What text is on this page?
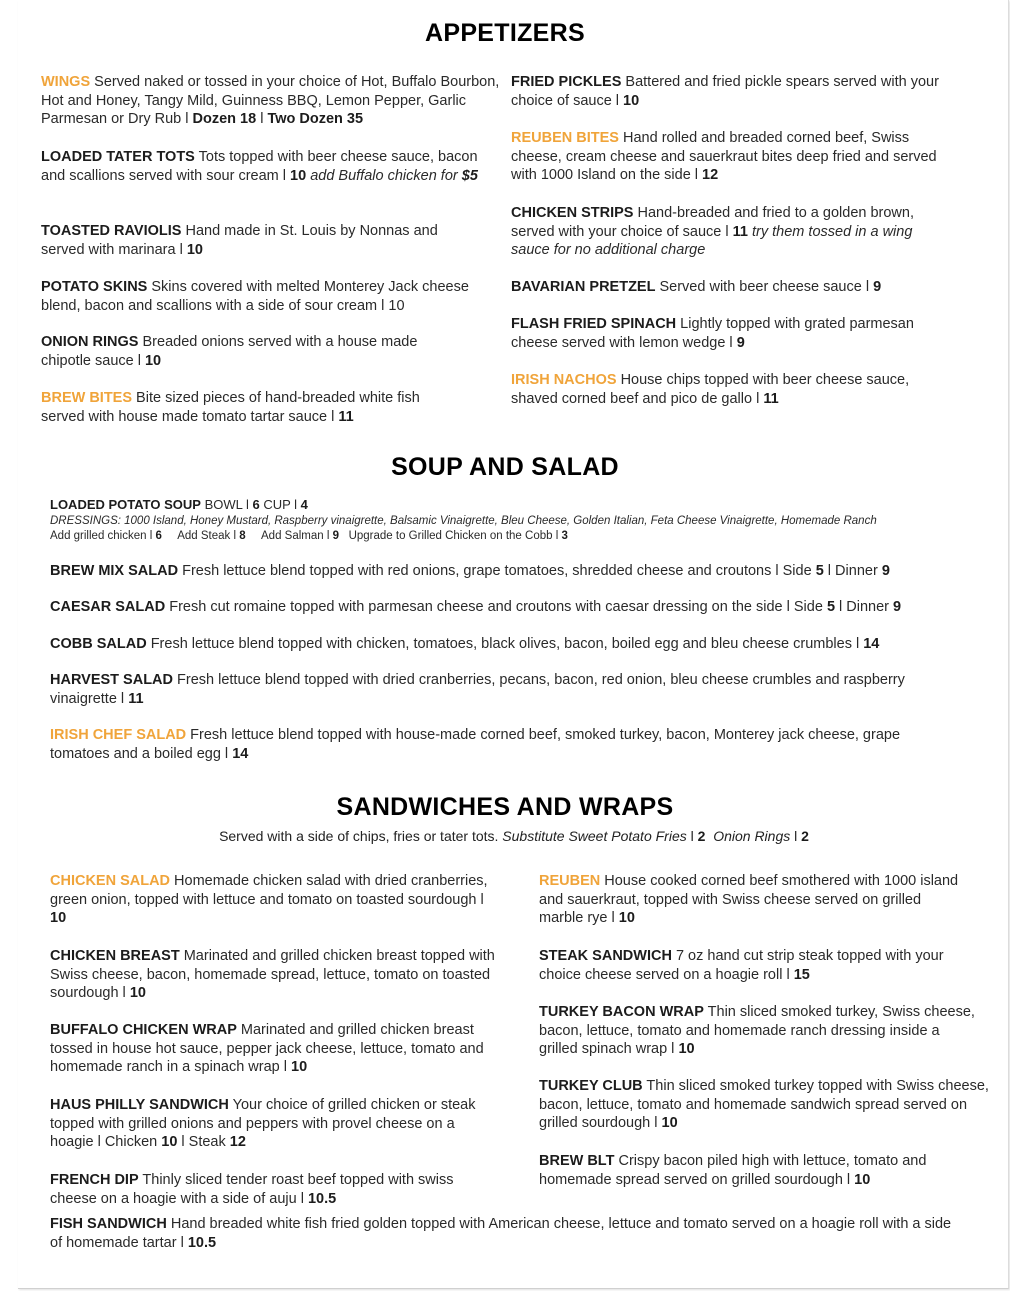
APPETIZERS
WINGS Served naked or tossed in your choice of Hot, Buffalo Bourbon, Hot and Honey, Tangy Mild, Guinness BBQ, Lemon Pepper, Garlic Parmesan or Dry Rub l Dozen 18 l Two Dozen 35
LOADED TATER TOTS Tots topped with beer cheese sauce, bacon and scallions served with sour cream l 10 add Buffalo chicken for $5
TOASTED RAVIOLIS Hand made in St. Louis by Nonnas and served with marinara l 10
POTATO SKINS Skins covered with melted Monterey Jack cheese blend, bacon and scallions with a side of sour cream l 10
ONION RINGS Breaded onions served with a house made chipotle sauce l 10
BREW BITES Bite sized pieces of hand-breaded white fish served with house made tomato tartar sauce l 11
FRIED PICKLES Battered and fried pickle spears served with your choice of sauce l 10
REUBEN BITES Hand rolled and breaded corned beef, Swiss cheese, cream cheese and sauerkraut bites deep fried and served with 1000 Island on the side l 12
CHICKEN STRIPS Hand-breaded and fried to a golden brown, served with your choice of sauce l 11 try them tossed in a wing sauce for no additional charge
BAVARIAN PRETZEL Served with beer cheese sauce l 9
FLASH FRIED SPINACH Lightly topped with grated parmesan cheese served with lemon wedge l 9
IRISH NACHOS House chips topped with beer cheese sauce, shaved corned beef and pico de gallo l 11
SOUP AND SALAD
LOADED POTATO SOUP BOWL l 6 CUP l 4
DRESSINGS: 1000 Island, Honey Mustard, Raspberry vinaigrette, Balsamic Vinaigrette, Bleu Cheese, Golden Italian, Feta Cheese Vinaigrette, Homemade Ranch
Add grilled chicken l 6     Add Steak l 8     Add Salman l 9   Upgrade to Grilled Chicken on the Cobb l 3
BREW MIX SALAD Fresh lettuce blend topped with red onions, grape tomatoes, shredded cheese and croutons l Side 5 l Dinner 9
CAESAR SALAD Fresh cut romaine topped with parmesan cheese and croutons with caesar dressing on the side l Side 5 l Dinner 9
COBB SALAD Fresh lettuce blend topped with chicken, tomatoes, black olives, bacon, boiled egg and bleu cheese crumbles l 14
HARVEST SALAD Fresh lettuce blend topped with dried cranberries, pecans, bacon, red onion, bleu cheese crumbles and raspberry vinaigrette l 11
IRISH CHEF SALAD Fresh lettuce blend topped with house-made corned beef, smoked turkey, bacon, Monterey jack cheese, grape tomatoes and a boiled egg l 14
SANDWICHES AND WRAPS
Served with a side of chips, fries or tater tots. Substitute Sweet Potato Fries l 2  Onion Rings l 2
CHICKEN SALAD Homemade chicken salad with dried cranberries, green onion, topped with lettuce and tomato on toasted sourdough l 10
CHICKEN BREAST Marinated and grilled chicken breast topped with Swiss cheese, bacon, homemade spread, lettuce, tomato on toasted sourdough l 10
BUFFALO CHICKEN WRAP Marinated and grilled chicken breast tossed in house hot sauce, pepper jack cheese, lettuce, tomato and homemade ranch in a spinach wrap l 10
HAUS PHILLY SANDWICH Your choice of grilled chicken or steak topped with grilled onions and peppers with provel cheese on a hoagie l Chicken 10 l Steak 12
FRENCH DIP Thinly sliced tender roast beef topped with swiss cheese on a hoagie with a side of auju l 10.5
REUBEN House cooked corned beef smothered with 1000 island and sauerkraut, topped with Swiss cheese served on grilled marble rye l 10
STEAK SANDWICH 7 oz hand cut strip steak topped with your choice cheese served on a hoagie roll l 15
TURKEY BACON WRAP Thin sliced smoked turkey, Swiss cheese, bacon, lettuce, tomato and homemade ranch dressing inside a grilled spinach wrap l 10
TURKEY CLUB Thin sliced smoked turkey topped with Swiss cheese, bacon, lettuce, tomato and homemade sandwich spread served on grilled sourdough l 10
BREW BLT Crispy bacon piled high with lettuce, tomato and homemade spread served on grilled sourdough l 10
FISH SANDWICH Hand breaded white fish fried golden topped with American cheese, lettuce and tomato served on a hoagie roll with a side of homemade tartar l 10.5
